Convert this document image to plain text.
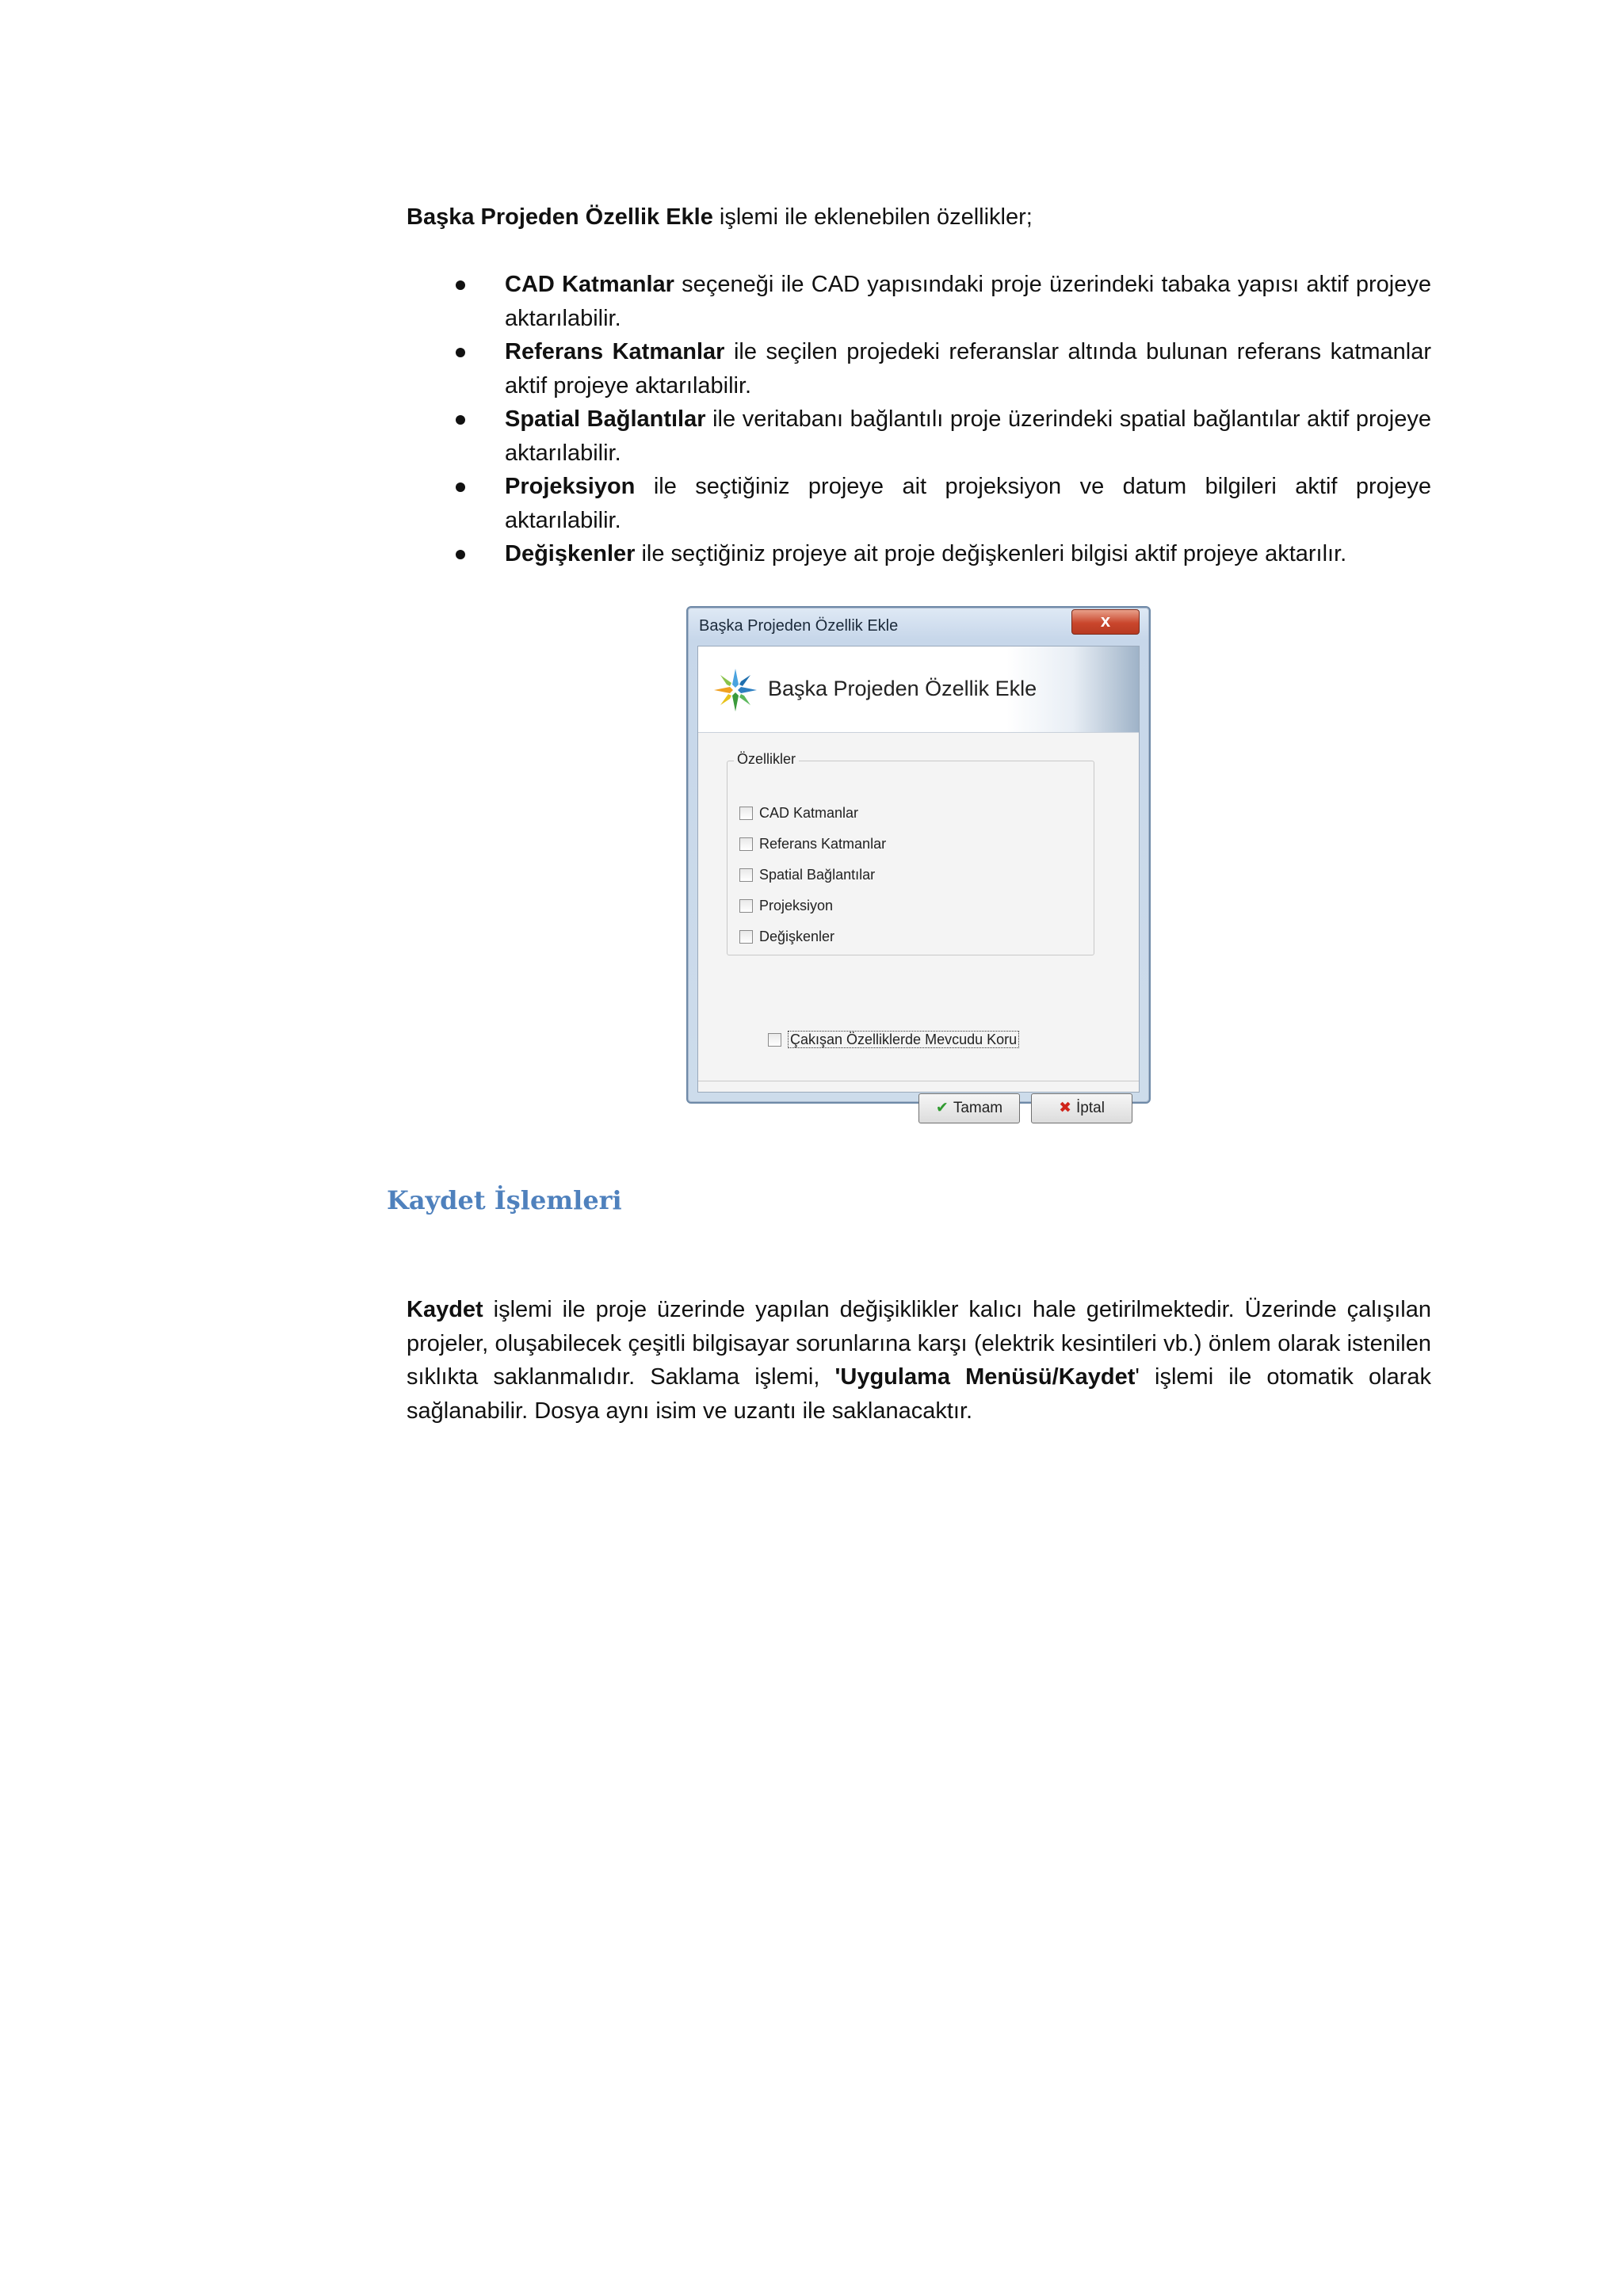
Başka Projeden Özellik Ekle işlemi ile eklenebilen özellikler;

CAD Katmanlar seçeneği ile CAD yapısındaki proje üzerindeki tabaka yapısı aktif projeye aktarılabilir.
Referans Katmanlar ile seçilen projedeki referanslar altında bulunan referans katmanlar aktif projeye aktarılabilir.
Spatial Bağlantılar ile veritabanı bağlantılı proje üzerindeki spatial bağlantılar aktif projeye aktarılabilir.
Projeksiyon ile seçtiğiniz projeye ait projeksiyon ve datum bilgileri aktif projeye aktarılabilir.
Değişkenler ile seçtiğiniz projeye ait proje değişkenleri bilgisi aktif projeye aktarılır.
Başka Projeden Özellik Ekle	x
Başka Projeden Özellik Ekle
Özellikler
CAD Katmanlar
Referans Katmanlar
Spatial Bağlantılar
Projeksiyon
Değişkenler
Çakışan Özelliklerde Mevcudu Koru
✔ Tamam	✖ İptal
Kaydet İşlemleri

Kaydet işlemi ile proje üzerinde yapılan değişiklikler kalıcı hale getirilmektedir. Üzerinde çalışılan projeler, oluşabilecek çeşitli bilgisayar sorunlarına karşı (elektrik kesintileri vb.) önlem olarak istenilen sıklıkta saklanmalıdır. Saklama işlemi, 'Uygulama Menüsü/Kaydet' işlemi ile otomatik olarak sağlanabilir. Dosya aynı isim ve uzantı ile saklanacaktır.
